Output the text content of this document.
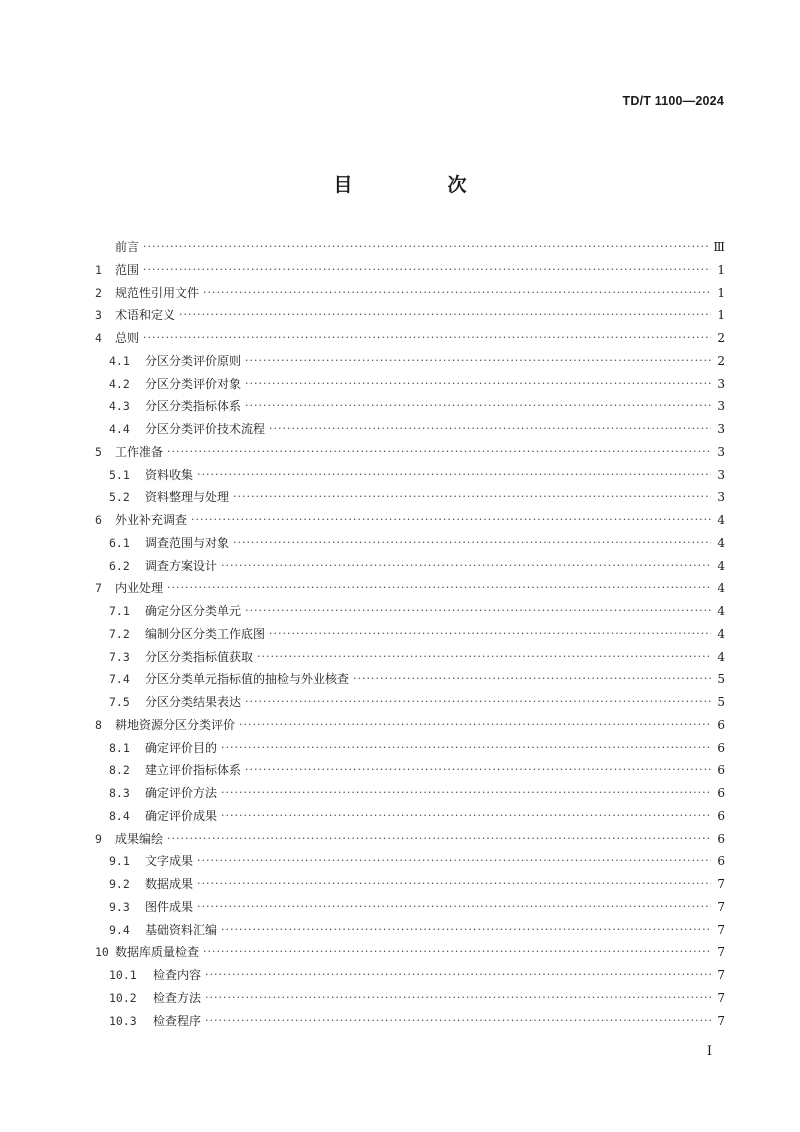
TD/T 1100—2024
目　次
前言 ·····	Ⅲ
1	范围 ·····	1
2	规范性引用文件 ·····	1
3	术语和定义 ·····	1
4	总则 ·····	2
4.1	分区分类评价原则 ·····	2
4.2	分区分类评价对象 ·····	3
4.3	分区分类指标体系 ·····	3
4.4	分区分类评价技术流程 ·····	3
5	工作准备 ·····	3
5.1	资料收集 ·····	3
5.2	资料整理与处理 ·····	3
6	外业补充调查 ·····	4
6.1	调查范围与对象 ·····	4
6.2	调查方案设计 ·····	4
7	内业处理 ·····	4
7.1	确定分区分类单元 ·····	4
7.2	编制分区分类工作底图 ·····	4
7.3	分区分类指标值获取 ·····	4
7.4	分区分类单元指标值的抽检与外业核查 ·····	5
7.5	分区分类结果表达 ·····	5
8	耕地资源分区分类评价 ·····	6
8.1	确定评价目的 ·····	6
8.2	建立评价指标体系 ·····	6
8.3	确定评价方法 ·····	6
8.4	确定评价成果 ·····	6
9	成果编绘 ·····	6
9.1	文字成果 ·····	6
9.2	数据成果 ·····	7
9.3	图件成果 ·····	7
9.4	基础资料汇编 ·····	7
10 数据库质量检查 ·····	7
10.1	检查内容 ·····	7
10.2	检查方法 ·····	7
10.3	检查程序 ·····	7
I
